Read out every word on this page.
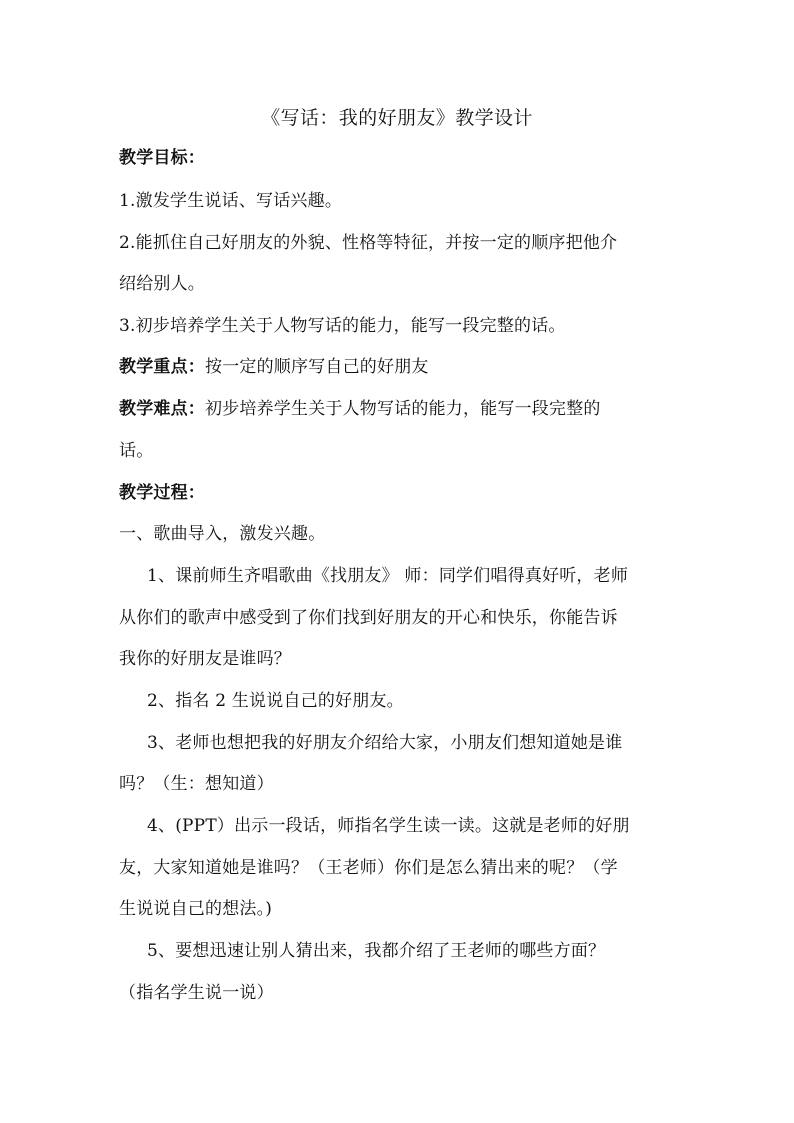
《写话：我的好朋友》教学设计
教学目标：
1.激发学生说话、写话兴趣。
2.能抓住自己好朋友的外貌、性格等特征，并按一定的顺序把他介
绍给别人。
3.初步培养学生关于人物写话的能力，能写一段完整的话。
教学重点：按一定的顺序写自己的好朋友
教学难点：初步培养学生关于人物写话的能力，能写一段完整的
话。
教学过程：
一、歌曲导入，激发兴趣。
1、课前师生齐唱歌曲《找朋友》 师：同学们唱得真好听，老师
从你们的歌声中感受到了你们找到好朋友的开心和快乐，你能告诉
我你的好朋友是谁吗？
2、指名 2 生说说自己的好朋友。
3、老师也想把我的好朋友介绍给大家，小朋友们想知道她是谁
吗？（生：想知道）
4、(PPT）出示一段话，师指名学生读一读。这就是老师的好朋
友，大家知道她是谁吗？（王老师）你们是怎么猜出来的呢？（学
生说说自己的想法。)
5、要想迅速让别人猜出来，我都介绍了王老师的哪些方面？
（指名学生说一说）
